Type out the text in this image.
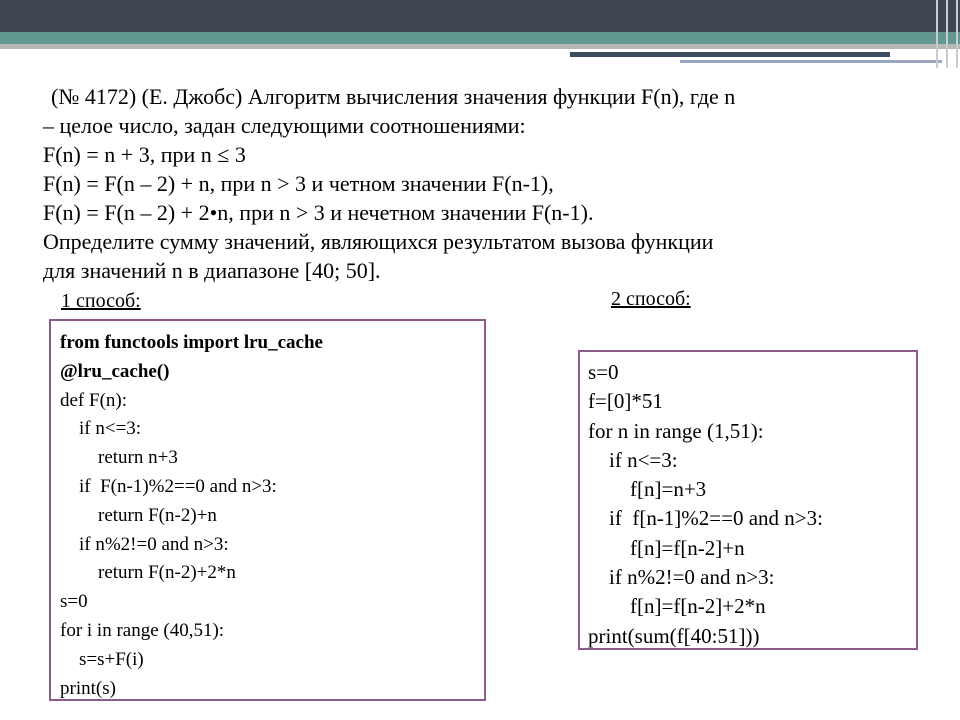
(№ 4172) (Е. Джобс) Алгоритм вычисления значения функции F(n), где n
– целое число, задан следующими соотношениями:
F(n) = n + 3, при n ≤ 3
F(n) = F(n – 2) + n, при n > 3 и четном значении F(n-1),
F(n) = F(n – 2) + 2•n, при n > 3 и нечетном значении F(n-1).
Определите сумму значений, являющихся результатом вызова функции
для значений n в диапазоне [40; 50].
1 способ:	2 способ:
from functools import lru_cache
@lru_cache()
def F(n):
if n<=3:
return n+3
if  F(n-1)%2==0 and n>3:
return F(n-2)+n
if n%2!=0 and n>3:
return F(n-2)+2*n
s=0
for i in range (40,51):
s=s+F(i)
print(s)
s=0
f=[0]*51
for n in range (1,51):
if n<=3:
f[n]=n+3
if  f[n-1]%2==0 and n>3:
f[n]=f[n-2]+n
if n%2!=0 and n>3:
f[n]=f[n-2]+2*n
print(sum(f[40:51]))
